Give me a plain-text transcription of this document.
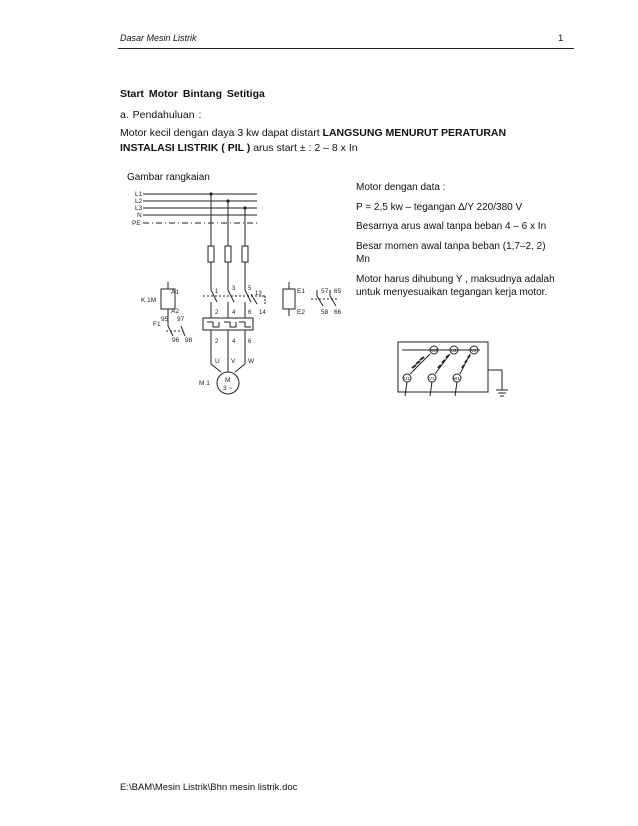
Dasar Mesin Listrik	1
Start Motor Bintang Setitiga
a. Pendahuluan :
Motor kecil dengan daya 3 kw dapat distart LANGSUNG MENURUT PERATURAN INSTALASI LISTRIK ( PIL ) arus start ± : 2 – 8 x In
Gambar rangkaian
L1
L2
L3
N
PE
1 3 5
2 4 6
2 4 6
U V W
M
3 ~
M 1
K 1M
A1
A2
95 97
F1
96 98
13
14
E1
E2
57 65
58 66

Motor dengan data :

P = 2,5 kw – tegangan ∆/Y 220/380 V

Besarnya arus awal tanpa beban 4 – 6 x In

Besar momen awal tanpa beban (1,7–2, 2) Mn

Motor harus dihubung Y , maksudnya adalah untuk menyesuaikan tegangan kerja motor.

W2	U2	V2
U1	V1	W1
E:\BAM\Mesin Listrik\Bhn mesin listrik.doc
